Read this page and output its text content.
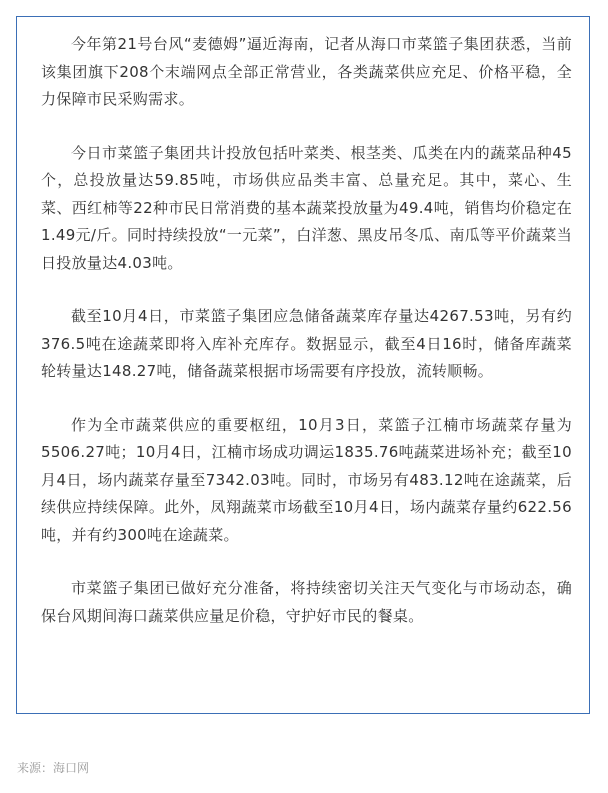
今年第21号台风“麦德姆”逼近海南，记者从海口市菜篮子集团获悉，当前该集团旗下208个末端网点全部正常营业，各类蔬菜供应充足、价格平稳，全力保障市民采购需求。

今日市菜篮子集团共计投放包括叶菜类、根茎类、瓜类在内的蔬菜品种45个，总投放量达59.85吨，市场供应品类丰富、总量充足。其中，菜心、生菜、西红柿等22种市民日常消费的基本蔬菜投放量为49.4吨，销售均价稳定在1.49元/斤。同时持续投放“一元菜”，白洋葱、黑皮吊冬瓜、南瓜等平价蔬菜当日投放量达4.03吨。

截至10月4日，市菜篮子集团应急储备蔬菜库存量达4267.53吨，另有约376.5吨在途蔬菜即将入库补充库存。数据显示，截至4日16时，储备库蔬菜轮转量达148.27吨，储备蔬菜根据市场需要有序投放，流转顺畅。

作为全市蔬菜供应的重要枢纽，10月3日，菜篮子江楠市场蔬菜存量为5506.27吨；10月4日，江楠市场成功调运1835.76吨蔬菜进场补充；截至10月4日，场内蔬菜存量至7342.03吨。同时，市场另有483.12吨在途蔬菜，后续供应持续保障。此外，凤翔蔬菜市场截至10月4日，场内蔬菜存量约622.56吨，并有约300吨在途蔬菜。

市菜篮子集团已做好充分准备，将持续密切关注天气变化与市场动态，确保台风期间海口蔬菜供应量足价稳，守护好市民的餐桌。

来源：海口网
